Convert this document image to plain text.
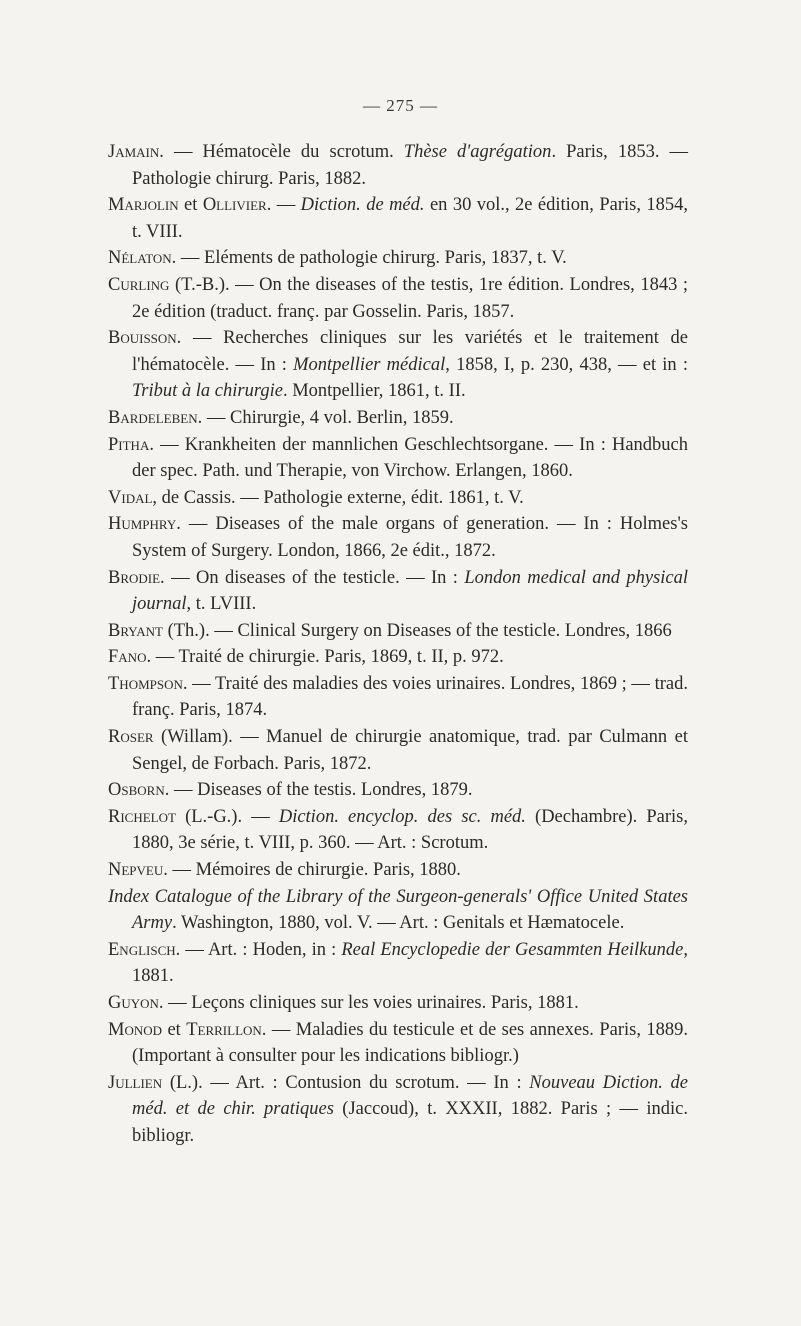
— 275 —

Jamain. — Hématocèle du scrotum. Thèse d'agrégation. Paris, 1853. — Pathologie chirurg. Paris, 1882.

Marjolin et Ollivier. — Diction. de méd. en 30 vol., 2e édition, Paris, 1854, t. VIII.

Nélaton. — Eléments de pathologie chirurg. Paris, 1837, t. V.

Curling (T.-B.). — On the diseases of the testis, 1re édition. Londres, 1843 ; 2e édition (traduct. franç. par Gosselin. Paris, 1857.

Bouisson. — Recherches cliniques sur les variétés et le traitement de l'hématocèle. — In : Montpellier médical, 1858, I, p. 230, 438, — et in : Tribut à la chirurgie. Montpellier, 1861, t. II.

Bardeleben. — Chirurgie, 4 vol. Berlin, 1859.

Pitha. — Krankheiten der mannlichen Geschlechtsorgane. — In : Handbuch der spec. Path. und Therapie, von Virchow. Erlangen, 1860.

Vidal, de Cassis. — Pathologie externe, édit. 1861, t. V.

Humphry. — Diseases of the male organs of generation. — In : Holmes's System of Surgery. London, 1866, 2e édit., 1872.

Brodie. — On diseases of the testicle. — In : London medical and physical journal, t. LVIII.

Bryant (Th.). — Clinical Surgery on Diseases of the testicle. Londres, 1866

Fano. — Traité de chirurgie. Paris, 1869, t. II, p. 972.

Thompson. — Traité des maladies des voies urinaires. Londres, 1869 ; — trad. franç. Paris, 1874.

Roser (Willam). — Manuel de chirurgie anatomique, trad. par Culmann et Sengel, de Forbach. Paris, 1872.

Osborn. — Diseases of the testis. Londres, 1879.

Richelot (L.-G.). — Diction. encyclop. des sc. méd. (Dechambre). Paris, 1880, 3e série, t. VIII, p. 360. — Art. : Scrotum.

Nepveu. — Mémoires de chirurgie. Paris, 1880.

Index Catalogue of the Library of the Surgeon-generals' Office United States Army. Washington, 1880, vol. V. — Art. : Genitals et Hæmatocele.

Englisch. — Art. : Hoden, in : Real Encyclopedie der Gesammten Heilkunde, 1881.

Guyon. — Leçons cliniques sur les voies urinaires. Paris, 1881.

Monod et Terrillon. — Maladies du testicule et de ses annexes. Paris, 1889. (Important à consulter pour les indications bibliogr.)

Jullien (L.). — Art. : Contusion du scrotum. — In : Nouveau Diction. de méd. et de chir. pratiques (Jaccoud), t. XXXII, 1882. Paris ; — indic. bibliogr.
